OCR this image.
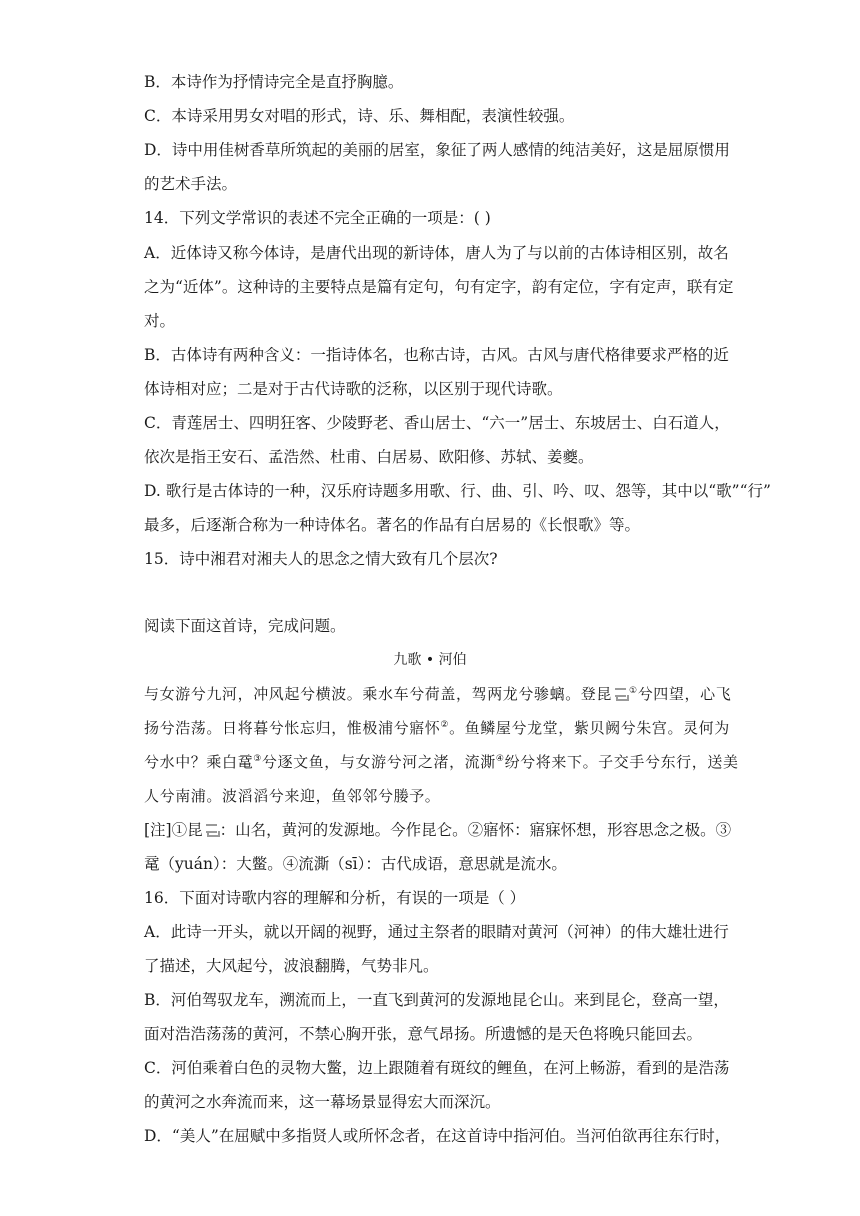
B．本诗作为抒情诗完全是直抒胸臆。
C．本诗采用男女对唱的形式，诗、乐、舞相配，表演性较强。
D．诗中用佳树香草所筑起的美丽的居室，象征了两人感情的纯洁美好，这是屈原惯用
的艺术手法。
14．下列文学常识的表述不完全正确的一项是：( )
A．近体诗又称今体诗，是唐代出现的新诗体，唐人为了与以前的古体诗相区别，故名
之为“近体”。这种诗的主要特点是篇有定句，句有定字，韵有定位，字有定声，联有定
对。
B．古体诗有两种含义：一指诗体名，也称古诗，古风。古风与唐代格律要求严格的近
体诗相对应；二是对于古代诗歌的泛称，以区别于现代诗歌。
C．青莲居士、四明狂客、少陵野老、香山居士、“六一”居士、东坡居士、白石道人，
依次是指王安石、孟浩然、杜甫、白居易、欧阳修、苏轼、姜夔。
D. 歌行是古体诗的一种，汉乐府诗题多用歌、行、曲、引、吟、叹、怨等，其中以“歌”“行”
最多，后逐渐合称为一种诗体名。著名的作品有白居易的《长恨歌》等。
15．诗中湘君对湘夫人的思念之情大致有几个层次?
阅读下面这首诗，完成问题。
九歌 • 河伯
与女游兮九河，冲风起兮横波。乘水车兮荷盖，驾两龙兮骖螭。登昆 ①兮四望，心飞
扬兮浩荡。日将暮兮怅忘归，惟极浦兮寤怀②。鱼鳞屋兮龙堂，紫贝阙兮朱宫。灵何为
兮水中？乘白鼋③兮逐文鱼，与女游兮河之渚，流澌④纷兮将来下。子交手兮东行，送美
人兮南浦。波滔滔兮来迎，鱼邻邻兮媵予。
[注]①昆 ：山名，黄河的发源地。今作昆仑。②寤怀：寤寐怀想，形容思念之极。③
鼋（yuán）：大鳖。④流澌（sī）：古代成语，意思就是流水。
16．下面对诗歌内容的理解和分析，有误的一项是（ ）
A．此诗一开头，就以开阔的视野，通过主祭者的眼睛对黄河（河神）的伟大雄壮进行
了描述，大风起兮，波浪翻腾，气势非凡。
B．河伯驾驭龙车，溯流而上，一直飞到黄河的发源地昆仑山。来到昆仑，登高一望，
面对浩浩荡荡的黄河，不禁心胸开张，意气昂扬。所遗憾的是天色将晚只能回去。
C．河伯乘着白色的灵物大鳖，边上跟随着有斑纹的鲤鱼，在河上畅游，看到的是浩荡
的黄河之水奔流而来，这一幕场景显得宏大而深沉。
D．“美人”在屈赋中多指贤人或所怀念者，在这首诗中指河伯。当河伯欲再往东行时，
